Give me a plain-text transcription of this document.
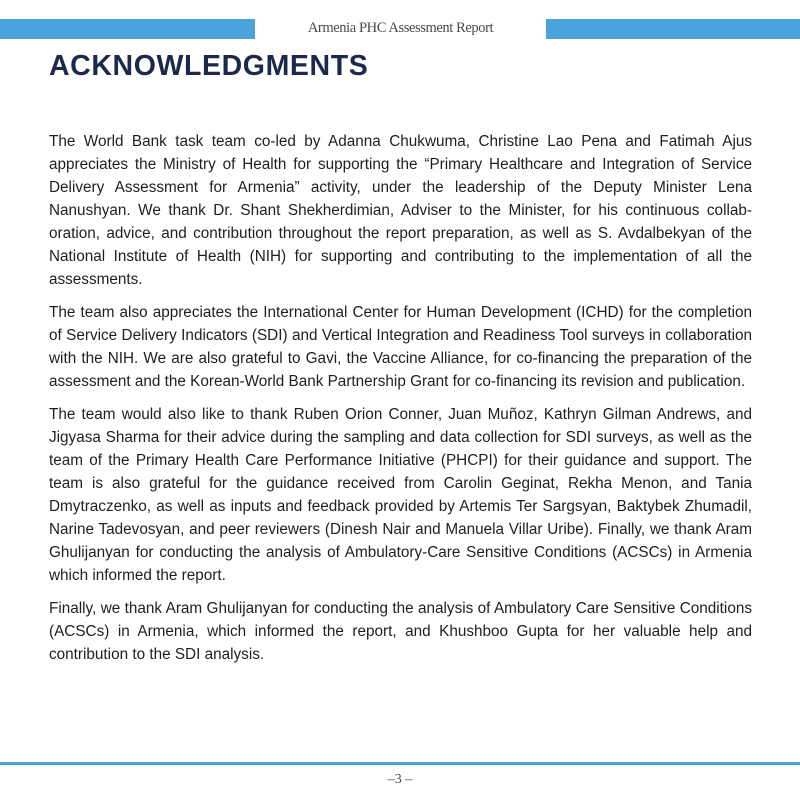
Armenia PHC Assessment Report
ACKNOWLEDGMENTS

The World Bank task team co-led by Adanna Chukwuma, Christine Lao Pena and Fatimah Ajus appreciates the Ministry of Health for supporting the “Primary Healthcare and Integration of Service Delivery Assessment for Armenia” activity, under the leadership of the Deputy Minister Lena Nanushyan. We thank Dr. Shant Shekherdimian, Adviser to the Minister, for his continuous collaboration, advice, and contribution throughout the report preparation, as well as S. Avdalbekyan of the National Institute of Health (NIH) for supporting and contributing to the implementation of all the assessments.

The team also appreciates the International Center for Human Development (ICHD) for the completion of Service Delivery Indicators (SDI) and Vertical Integration and Readiness Tool surveys in collaboration with the NIH. We are also grateful to Gavi, the Vaccine Alliance, for co-financing the preparation of the assessment and the Korean-World Bank Partnership Grant for co-financing its revision and publication.

The team would also like to thank Ruben Orion Conner, Juan Muñoz, Kathryn Gilman Andrews, and Jigyasa Sharma for their advice during the sampling and data collection for SDI surveys, as well as the team of the Primary Health Care Performance Initiative (PHCPI) for their guidance and support. The team is also grateful for the guidance received from Carolin Geginat, Rekha Menon, and Tania Dmytraczenko, as well as inputs and feedback provided by Artemis Ter Sargsyan, Baktybek Zhumadil, Narine Tadevosyan, and peer reviewers (Dinesh Nair and Manuela Villar Uribe). Finally, we thank Aram Ghulijanyan for conducting the analysis of Ambulatory-Care Sensitive Conditions (ACSCs) in Armenia which informed the report.

Finally, we thank Aram Ghulijanyan for conducting the analysis of Ambulatory Care Sensitive Conditions (ACSCs) in Armenia, which informed the report, and Khushboo Gupta for her valuable help and contribution to the SDI analysis.

–3 –
